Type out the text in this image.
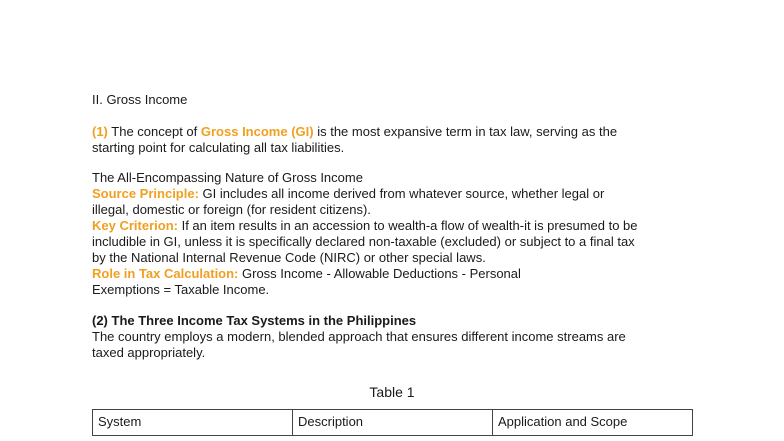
II. Gross Income
(1) The concept of Gross Income (GI) is the most expansive term in tax law, serving as the
starting point for calculating all tax liabilities.
The All-Encompassing Nature of Gross Income
Source Principle: GI includes all income derived from whatever source, whether legal or
illegal, domestic or foreign (for resident citizens).
Key Criterion: If an item results in an accession to wealth-a flow of wealth-it is presumed to be
includible in GI, unless it is specifically declared non-taxable (excluded) or subject to a final tax
by the National Internal Revenue Code (NIRC) or other special laws.
Role in Tax Calculation: Gross Income - Allowable Deductions - Personal
Exemptions = Taxable Income.
(2) The Three Income Tax Systems in the Philippines
The country employs a modern, blended approach that ensures different income streams are
taxed appropriately.
Table 1
System	Description	Application and Scope
